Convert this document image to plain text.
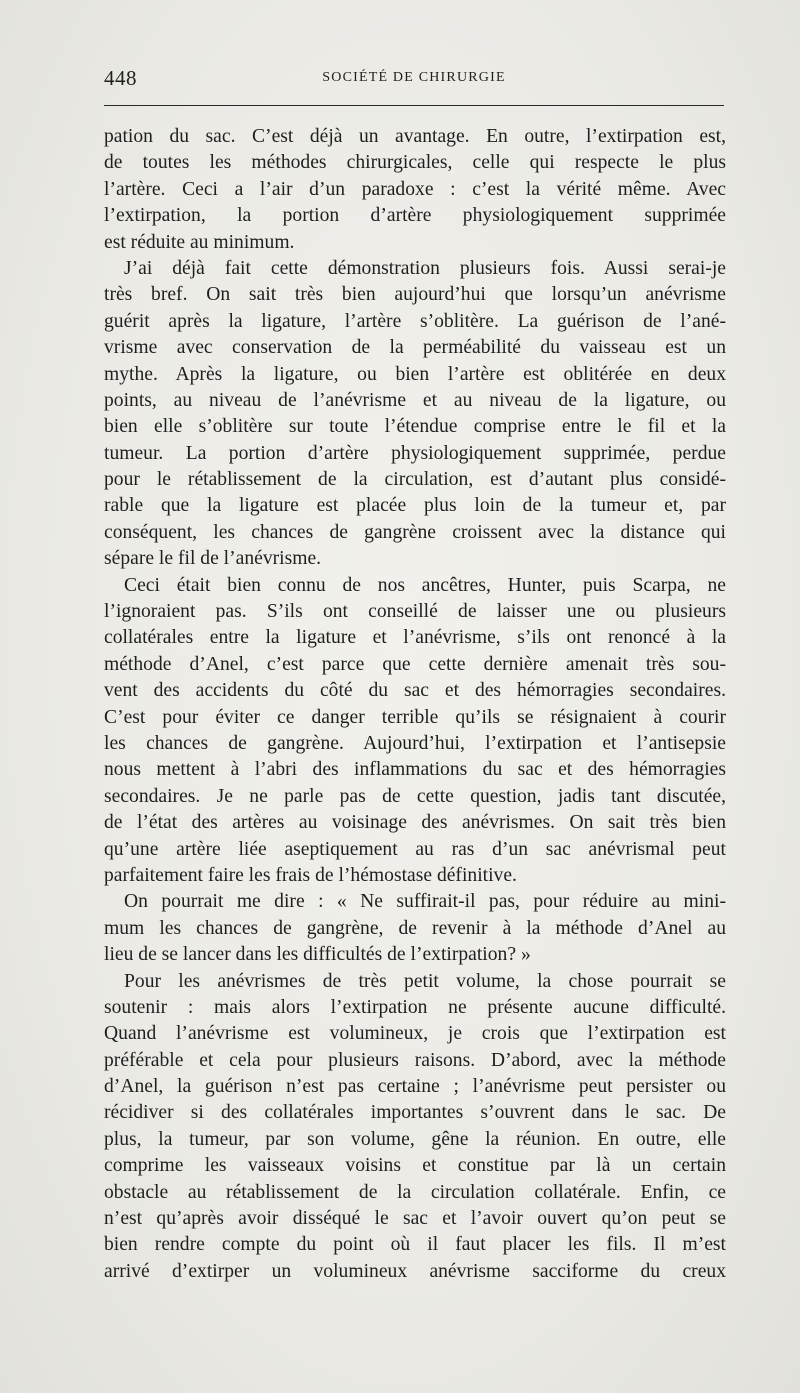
448	SOCIÉTÉ DE CHIRURGIE
pation du sac. C’est déjà un avantage. En outre, l’extirpation est,
de toutes les méthodes chirurgicales, celle qui respecte le plus
l’artère. Ceci a l’air d’un paradoxe : c’est la vérité même. Avec
l’extirpation, la portion d’artère physiologiquement supprimée
est réduite au minimum.
J’ai déjà fait cette démonstration plusieurs fois. Aussi serai-je
très bref. On sait très bien aujourd’hui que lorsqu’un anévrisme
guérit après la ligature, l’artère s’oblitère. La guérison de l’ané-
vrisme avec conservation de la perméabilité du vaisseau est un
mythe. Après la ligature, ou bien l’artère est oblitérée en deux
points, au niveau de l’anévrisme et au niveau de la ligature, ou
bien elle s’oblitère sur toute l’étendue comprise entre le fil et la
tumeur. La portion d’artère physiologiquement supprimée, perdue
pour le rétablissement de la circulation, est d’autant plus considé-
rable que la ligature est placée plus loin de la tumeur et, par
conséquent, les chances de gangrène croissent avec la distance qui
sépare le fil de l’anévrisme.
Ceci était bien connu de nos ancêtres, Hunter, puis Scarpa, ne
l’ignoraient pas. S’ils ont conseillé de laisser une ou plusieurs
collatérales entre la ligature et l’anévrisme, s’ils ont renoncé à la
méthode d’Anel, c’est parce que cette dernière amenait très sou-
vent des accidents du côté du sac et des hémorragies secondaires.
C’est pour éviter ce danger terrible qu’ils se résignaient à courir
les chances de gangrène. Aujourd’hui, l’extirpation et l’antisepsie
nous mettent à l’abri des inflammations du sac et des hémorragies
secondaires. Je ne parle pas de cette question, jadis tant discutée,
de l’état des artères au voisinage des anévrismes. On sait très bien
qu’une artère liée aseptiquement au ras d’un sac anévrismal peut
parfaitement faire les frais de l’hémostase définitive.
On pourrait me dire : « Ne suffirait-il pas, pour réduire au mini-
mum les chances de gangrène, de revenir à la méthode d’Anel au
lieu de se lancer dans les difficultés de l’extirpation? »
Pour les anévrismes de très petit volume, la chose pourrait se
soutenir : mais alors l’extirpation ne présente aucune difficulté.
Quand l’anévrisme est volumineux, je crois que l’extirpation est
préférable et cela pour plusieurs raisons. D’abord, avec la méthode
d’Anel, la guérison n’est pas certaine ; l’anévrisme peut persister ou
récidiver si des collatérales importantes s’ouvrent dans le sac. De
plus, la tumeur, par son volume, gêne la réunion. En outre, elle
comprime les vaisseaux voisins et constitue par là un certain
obstacle au rétablissement de la circulation collatérale. Enfin, ce
n’est qu’après avoir disséqué le sac et l’avoir ouvert qu’on peut se
bien rendre compte du point où il faut placer les fils. Il m’est
arrivé d’extirper un volumineux anévrisme sacciforme du creux
